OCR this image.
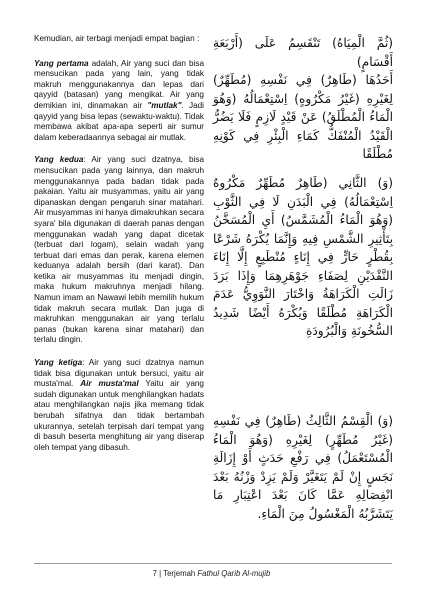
Kemudian, air terbagi menjadi empat bagian :

Yang pertama adalah, Air yang suci dan bisa mensucikan pada yang lain, yang tidak makruh menggunakannya dan lepas dari qayyid (batasan) yang mengikat. Air yang demikian ini, dinamakan air "mutlak". Jadi qayyid yang bisa lepas (sewaktu-waktu). Tidak membawa akibat apa-apa seperti air sumur dalam keberadaannya sebagai air mutlak.

Yang kedua: Air yang suci dzatnya, bisa mensucikan pada yang lainnya, dan makruh menggunakannya pada badan tidak pada pakaian. Yaitu air musyammas, yaitu air yang dipanaskan dengan pengaruh sinar matahari. Air musyammas ini hanya dimakruhkan secara syara' bila digunakan di daerah panas dengan menggunakan wadah yang dapat dicetak (terbuat dari logam), selain wadah yang terbuat dari emas dan perak, karena elemen keduanya adalah bersih (dari karat). Dan ketika air musyammas itu menjadi dingin, maka hukum makruhnya menjadi hilang. Namun imam an Nawawi lebih memilih hukum tidak makruh secara mutlak. Dan juga di makruhkan menggunakan air yang terlalu panas (bukan karena sinar matahari) dan terlalu dingin.

Yang ketiga: Air yang suci dzatnya namun tidak bisa digunakan untuk bersuci, yaitu air musta'mal. Air musta'mal Yaitu air yang sudah digunakan untuk menghilangkan hadats atau menghilangkan najis jika memang tidak berubah sifatnya dan tidak bertambah ukurannya, setelah terpisah dari tempat yang di basuh beserta menghitung air yang diserap oleh tempat yang dibasuh.

(ثُمَّ الْمِيَاهُ) تَنْقَسِمُ عَلَى (أَرْبَعَةِ أَقْسَامٍ)

أَحَدُهَا (طَاهِرٌ) فِي نَفْسِهِ (مُطَهِّرٌ) لِغَيْرِهِ (غَيْرُ مَكْرُوهٍ) اِسْتِعْمَالُهُ (وَهُوَ الْمَاءُ الْمُطْلَقُ) عَنْ قَيْدٍ لَازِمٍ فَلَا يَضُرُّ الْقَيْدُ الْمُنْفَكُّ كَمَاءِ الْبِئْرِ فِي كَوْنِهِ مُطْلَقًا

(وَ) الثَّانِي (طَاهِرٌ مُطَهِّرٌ مَكْرُوهٌ اِسْتِعْمَالُهُ) فِي الْبَدَنِ لَا فِي الثَّوْبِ (وَهُوَ الْمَاءُ الْمُشَمَّسُ) أَيِ الْمُسَخَّنُ بِتَأْثِيرِ الشَّمْسِ فِيهِ وَإِنَّمَا يُكْرَهُ شَرْعًا بِقُطْرٍ حَارٍّ فِي إِنَاءٍ مُنْطَبِعٍ إِلَّا إِنَاءَ النَّقْدَيْنِ لِصَفَاءِ جَوْهَرِهِمَا وَإِذَا بَرَدَ زَالَتِ الْكَرَاهَةُ وَاخْتَارَ النَّوَوِيُّ عَدَمَ الْكَرَاهَةِ مُطْلَقًا وَيُكْرَهُ أَيْضًا شَدِيدُ السُّخُونَةِ وَالْبُرُودَةِ

(وَ) الْقِسْمُ الثَّالِثُ (طَاهِرٌ) فِي نَفْسِهِ (غَيْرُ مُطَهِّرٍ) لِغَيْرِهِ (وَهُوَ الْمَاءُ الْمُسْتَعْمَلُ) فِي رَفْعِ حَدَثٍ أَوْ إِزَالَةِ نَجَسٍ إِنْ لَمْ يَتَغَيَّرْ وَلَمْ يَزِدْ وَزْنُهُ بَعْدَ انْفِصَالِهِ عَمَّا كَانَ بَعْدَ اعْتِبَارِ مَا يَتَشَرَّبُهُ الْمَغْسُولُ مِنَ الْمَاءِ.

7 | Terjemah Fathul Qarib Al-mujib
